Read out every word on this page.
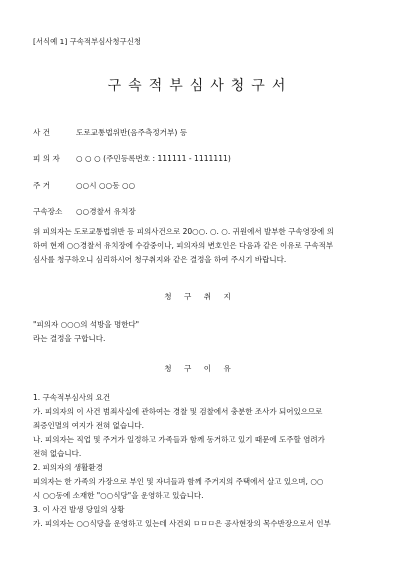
[서식예 1] 구속적부심사청구신청
구속적부심사청구서
사 건	도로교통법위반(음주측정거부) 등
피 의 자 ○ ○ ○ (주민등록번호 : 111111 - 1111111)
주 거	○○시 ○○동 ○○
구속장소 ○○경찰서 유치장
위 피의자는 도로교통법위반 등 피의사건으로 20○○. ○. ○. 귀원에서 발부한 구속영장에 의
하여 현재 ○○경찰서 유치장에 수감중이나, 피의자의 변호인은 다음과 같은 이유로 구속적부
심사를 청구하오니 심리하시어 청구취지와 같은 결정을 하여 주시기 바랍니다.
청 구 취 지
"피의자 ○○○의 석방을 명한다"
라는 결정을 구합니다.
청 구 이 유
1. 구속적부심사의 요건
가. 피의자의 이 사건 범죄사실에 관하여는 경찰 및 검찰에서 충분한 조사가 되어있으므로
죄증인멸의 여지가 전혀 없습니다.
나. 피의자는 직업 및 주거가 일정하고 가족들과 함께 동거하고 있기 때문에 도주할 염려가
전혀 없습니다.
2. 피의자의 생활환경
피의자는 한 가족의 가장으로 부인 및 자녀들과 함께 주거지의 주택에서 살고 있으며, ○○
시 ○○동에 소재한 "○○식당"을 운영하고 있습니다.
3. 이 사건 발생 당일의 상황
가. 피의자는 ○○식당을 운영하고 있는데 사건외 ㅁㅁㅁ은 공사현장의 목수반장으로서 인부
